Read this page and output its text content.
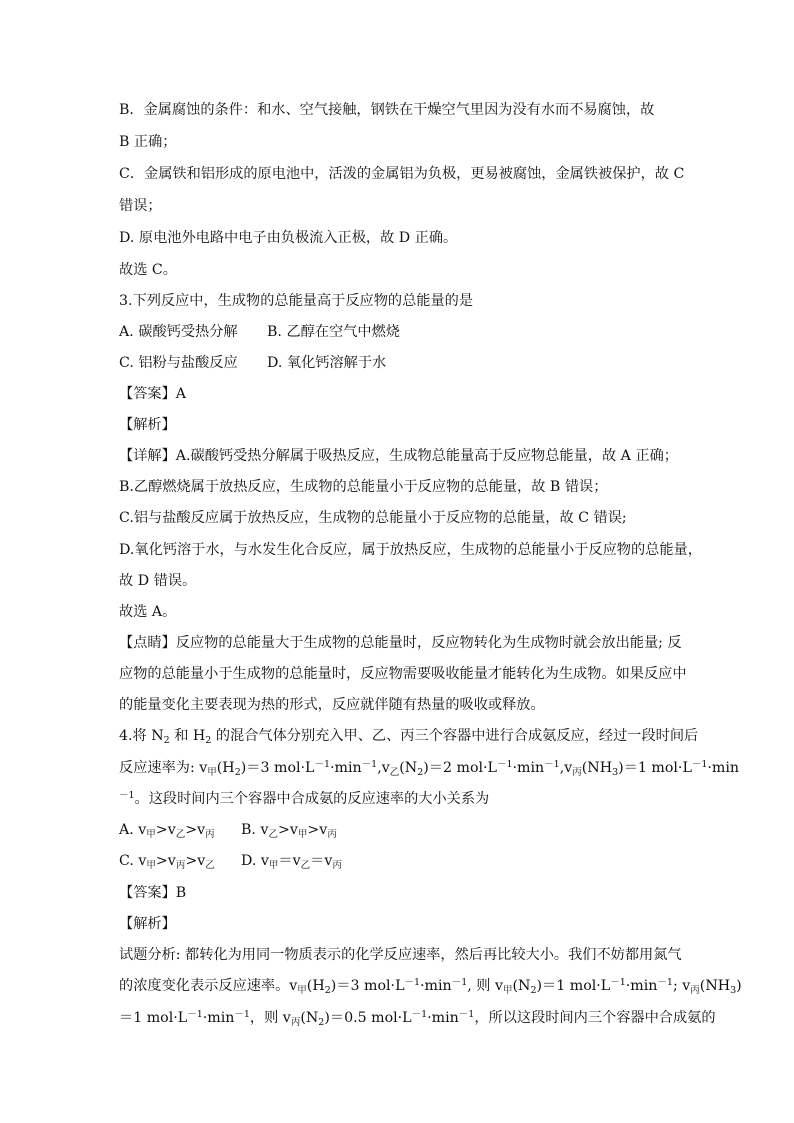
B．金属腐蚀的条件：和水、空气接触，钢铁在干燥空气里因为没有水而不易腐蚀，故
B 正确；
C．金属铁和铝形成的原电池中，活泼的金属铝为负极，更易被腐蚀，金属铁被保护，故 C
错误；
D. 原电池外电路中电子由负极流入正极，故 D 正确。
故选 C。
3.下列反应中，生成物的总能量高于反应物的总能量的是
A. 碳酸钙受热分解 B. 乙醇在空气中燃烧
C. 铝粉与盐酸反应 D. 氧化钙溶解于水
【答案】A
【解析】
【详解】A.碳酸钙受热分解属于吸热反应，生成物总能量高于反应物总能量，故 A 正确；
B.乙醇燃烧属于放热反应，生成物的总能量小于反应物的总能量，故 B 错误；
C.铝与盐酸反应属于放热反应，生成物的总能量小于反应物的总能量，故 C 错误;
D.氧化钙溶于水，与水发生化合反应，属于放热反应，生成物的总能量小于反应物的总能量，
故 D 错误。
故选 A。
【点睛】反应物的总能量大于生成物的总能量时，反应物转化为生成物时就会放出能量; 反
应物的总能量小于生成物的总能量时，反应物需要吸收能量才能转化为生成物。如果反应中
的能量变化主要表现为热的形式，反应就伴随有热量的吸收或释放。
4.将 $N_2$ 和 $H_2$ 的混合气体分别充入甲、乙、丙三个容器中进行合成氨反应，经过一段时间后
反应速率为: $v_甲(H_2)=3$ $mol\cdot L^{-1}\cdot\min^{-1},v_乙(N_2)=2$ $mol\cdot L^{-1}\cdot\min^{-1},v_丙(NH_3)=1$ $mol\cdot L^{-1}\cdot\min$
$^{-1}$。这段时间内三个容器中合成氨的反应速率的大小关系为
A. $v_甲>v_乙>v_丙$ B. $v_乙>v_甲>v_丙$
C. $v_甲>v_丙>v_乙$ D. $v_甲=v_乙=v_丙$
【答案】B
【解析】
试题分析: 都转化为用同一物质表示的化学反应速率，然后再比较大小。我们不妨都用氮气
的浓度变化表示反应速率。$v_甲(H_2)=3$ $mol\cdot L^{-1}\cdot\min^{-1}$, 则 $v_甲(N_2)=1$ $mol\cdot L^{-1}\cdot\min^{-1}$; $v_丙(NH_3)$
＝1 $mol\cdot L^{-1}\cdot\min^{-1}$，则 $v_丙(N_2)=0.5$ $mol\cdot L^{-1}\cdot\min^{-1}$，所以这段时间内三个容器中合成氨的
